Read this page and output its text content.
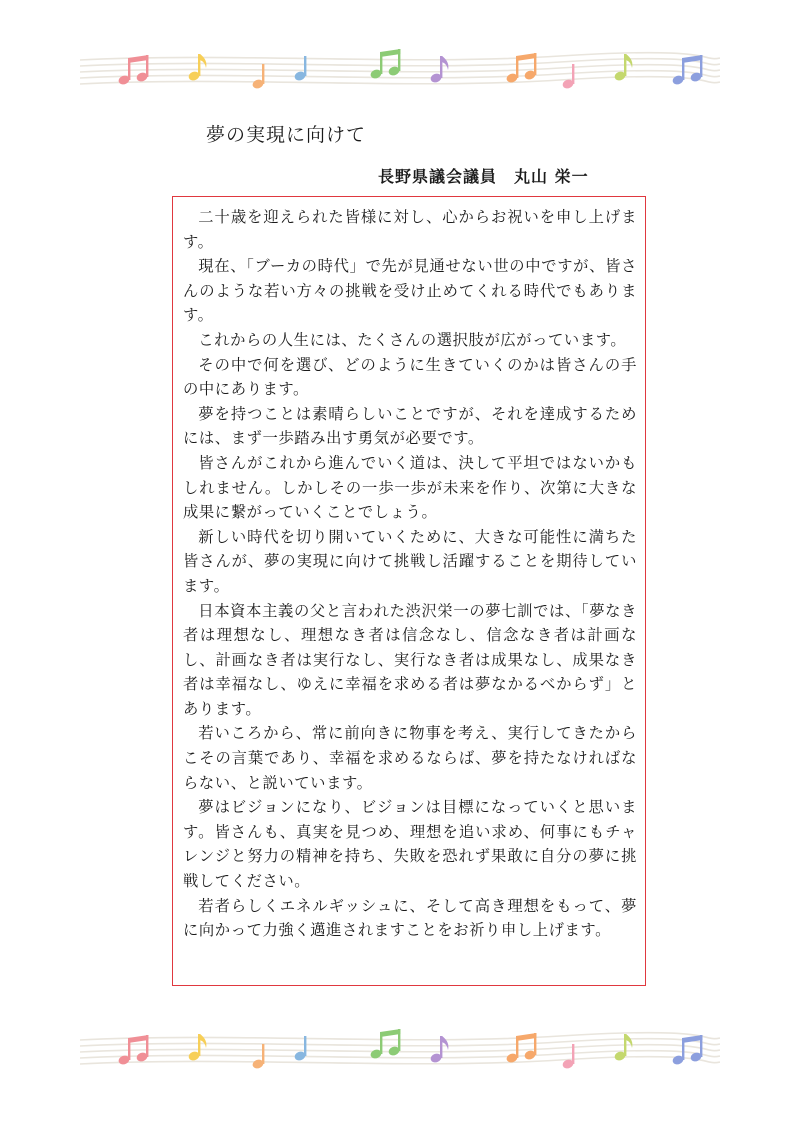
夢の実現に向けて
長野県議会議員　丸山 栄一

二十歳を迎えられた皆様に対し、心からお祝いを申し上げます。

現在、「ブーカの時代」で先が見通せない世の中ですが、皆さんのような若い方々の挑戦を受け止めてくれる時代でもあります。

これからの人生には、たくさんの選択肢が広がっています。

その中で何を選び、どのように生きていくのかは皆さんの手の中にあります。

夢を持つことは素晴らしいことですが、それを達成するためには、まず一歩踏み出す勇気が必要です。

皆さんがこれから進んでいく道は、決して平坦ではないかもしれません。しかしその一歩一歩が未来を作り、次第に大きな成果に繋がっていくことでしょう。

新しい時代を切り開いていくために、大きな可能性に満ちた皆さんが、夢の実現に向けて挑戦し活躍することを期待しています。

日本資本主義の父と言われた渋沢栄一の夢七訓では、「夢なき者は理想なし、理想なき者は信念なし、信念なき者は計画なし、計画なき者は実行なし、実行なき者は成果なし、成果なき者は幸福なし、ゆえに幸福を求める者は夢なかるべからず」とあります。

若いころから、常に前向きに物事を考え、実行してきたからこその言葉であり、幸福を求めるならば、夢を持たなければならない、と説いています。

夢はビジョンになり、ビジョンは目標になっていくと思います。皆さんも、真実を見つめ、理想を追い求め、何事にもチャレンジと努力の精神を持ち、失敗を恐れず果敢に自分の夢に挑戦してください。

若者らしくエネルギッシュに、そして高き理想をもって、夢に向かって力強く邁進されますことをお祈り申し上げます。
